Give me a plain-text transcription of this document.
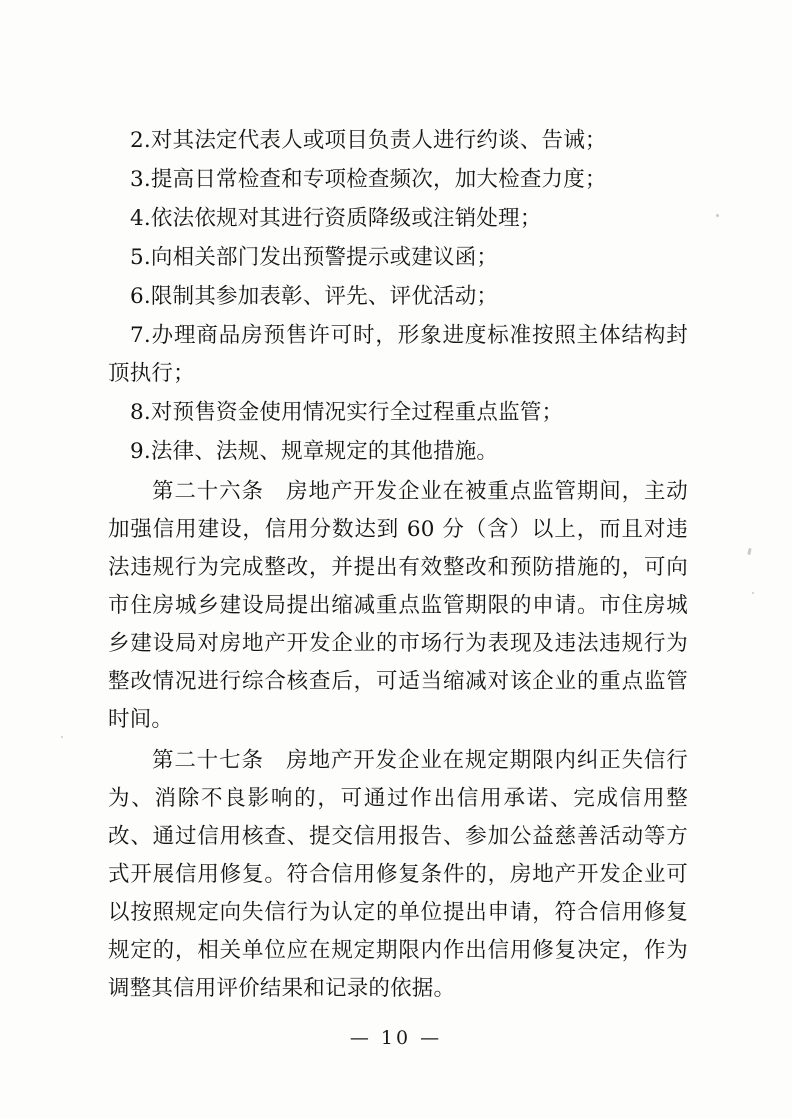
2.对其法定代表人或项目负责人进行约谈、告诫；

3.提高日常检查和专项检查频次，加大检查力度；

4.依法依规对其进行资质降级或注销处理；

5.向相关部门发出预警提示或建议函；

6.限制其参加表彰、评先、评优活动；

7.办理商品房预售许可时，形象进度标准按照主体结构封顶执行；

8.对预售资金使用情况实行全过程重点监管；

9.法律、法规、规章规定的其他措施。

第二十六条　房地产开发企业在被重点监管期间，主动加强信用建设，信用分数达到 60 分（含）以上，而且对违法违规行为完成整改，并提出有效整改和预防措施的，可向市住房城乡建设局提出缩减重点监管期限的申请。市住房城乡建设局对房地产开发企业的市场行为表现及违法违规行为整改情况进行综合核查后，可适当缩减对该企业的重点监管时间。

第二十七条　房地产开发企业在规定期限内纠正失信行为、消除不良影响的，可通过作出信用承诺、完成信用整改、通过信用核查、提交信用报告、参加公益慈善活动等方式开展信用修复。符合信用修复条件的，房地产开发企业可以按照规定向失信行为认定的单位提出申请，符合信用修复规定的，相关单位应在规定期限内作出信用修复决定，作为调整其信用评价结果和记录的依据。

— 10 —
